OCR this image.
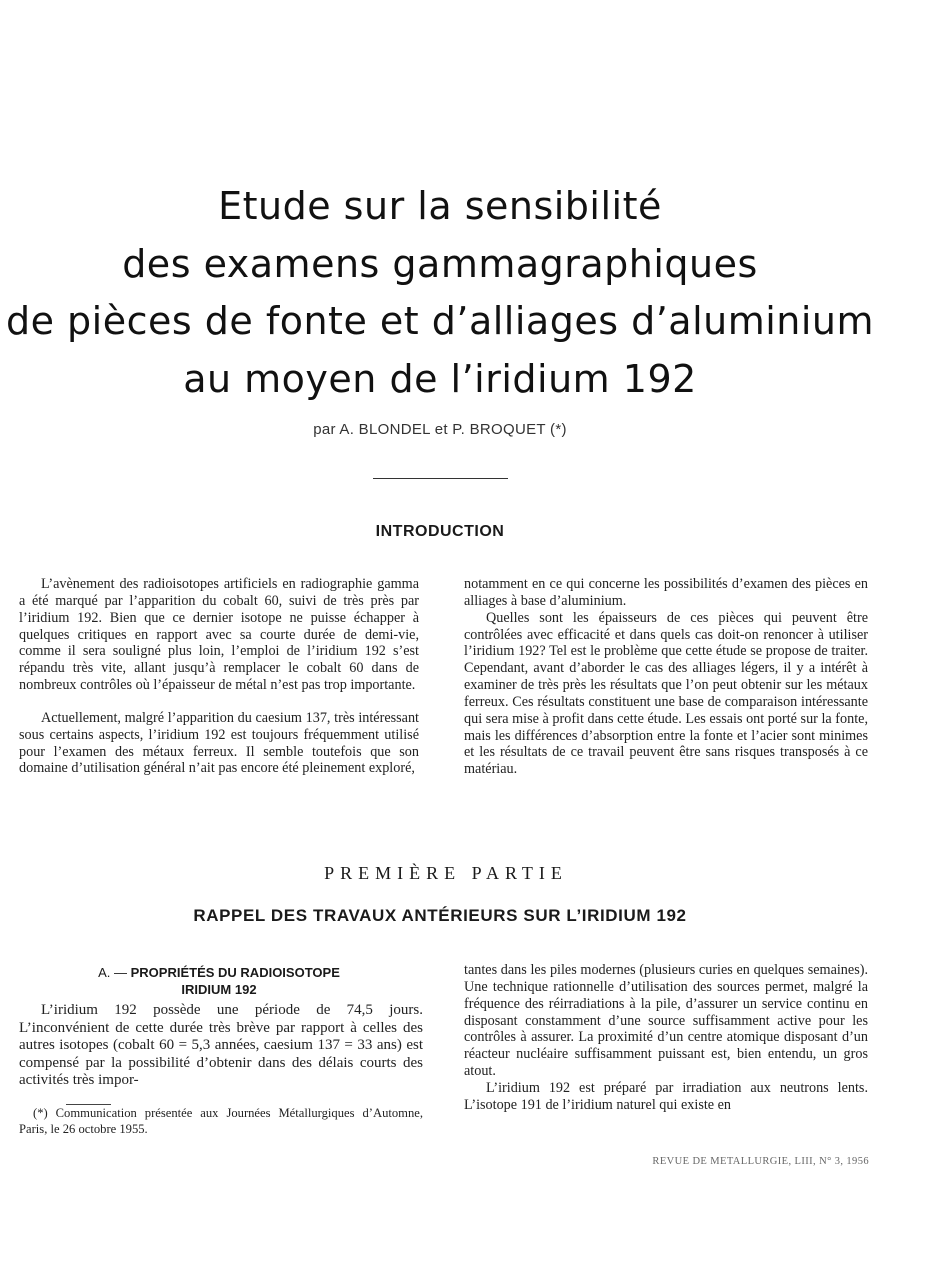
Etude sur la sensibilité
des examens gammagraphiques
de pièces de fonte et d’alliages d’aluminium
au moyen de l’iridium 192
par A. BLONDEL et P. BROQUET (*)
INTRODUCTION

L’avènement des radioisotopes artificiels en radiographie gamma a été marqué par l’apparition du cobalt 60, suivi de très près par l’iridium 192. Bien que ce dernier isotope ne puisse échapper à quelques critiques en rapport avec sa courte durée de demi-vie, comme il sera souligné plus loin, l’emploi de l’iridium 192 s’est répandu très vite, allant jusqu’à remplacer le cobalt 60 dans de nombreux contrôles où l’épaisseur de métal n’est pas trop importante.

Actuellement, malgré l’apparition du caesium 137, très intéressant sous certains aspects, l’iridium 192 est toujours fréquemment utilisé pour l’examen des métaux ferreux. Il semble toutefois que son domaine d’utilisation général n’ait pas encore été pleinement exploré,

notamment en ce qui concerne les possibilités d’examen des pièces en alliages à base d’aluminium.

Quelles sont les épaisseurs de ces pièces qui peuvent être contrôlées avec efficacité et dans quels cas doit-on renoncer à utiliser l’iridium 192? Tel est le problème que cette étude se propose de traiter. Cependant, avant d’aborder le cas des alliages légers, il y a intérêt à examiner de très près les résultats que l’on peut obtenir sur les métaux ferreux. Ces résultats constituent une base de comparaison intéressante qui sera mise à profit dans cette étude. Les essais ont porté sur la fonte, mais les différences d’absorption entre la fonte et l’acier sont minimes et les résultats de ce travail peuvent être sans risques transposés à ce matériau.

PREMIÈRE PARTIE
RAPPEL DES TRAVAUX ANTÉRIEURS SUR L’IRIDIUM 192
A. — PROPRIÉTÉS DU RADIOISOTOPE
IRIDIUM 192

L’iridium 192 possède une période de 74,5 jours. L’inconvénient de cette durée très brève par rapport à celles des autres isotopes (cobalt 60 = 5,3 années, caesium 137 = 33 ans) est compensé par la possibilité d’obtenir dans des délais courts des activités très impor-

tantes dans les piles modernes (plusieurs curies en quelques semaines). Une technique rationnelle d’utilisation des sources permet, malgré la fréquence des réirradiations à la pile, d’assurer un service continu en disposant constamment d’une source suffisamment active pour les contrôles à assurer. La proximité d’un centre atomique disposant d’un réacteur nucléaire suffisamment puissant est, bien entendu, un gros atout.

L’iridium 192 est préparé par irradiation aux neutrons lents. L’isotope 191 de l’iridium naturel qui existe en

(*) Communication présentée aux Journées Métallurgiques d’Automne, Paris, le 26 octobre 1955.

REVUE DE METALLURGIE, LIII, N° 3, 1956
